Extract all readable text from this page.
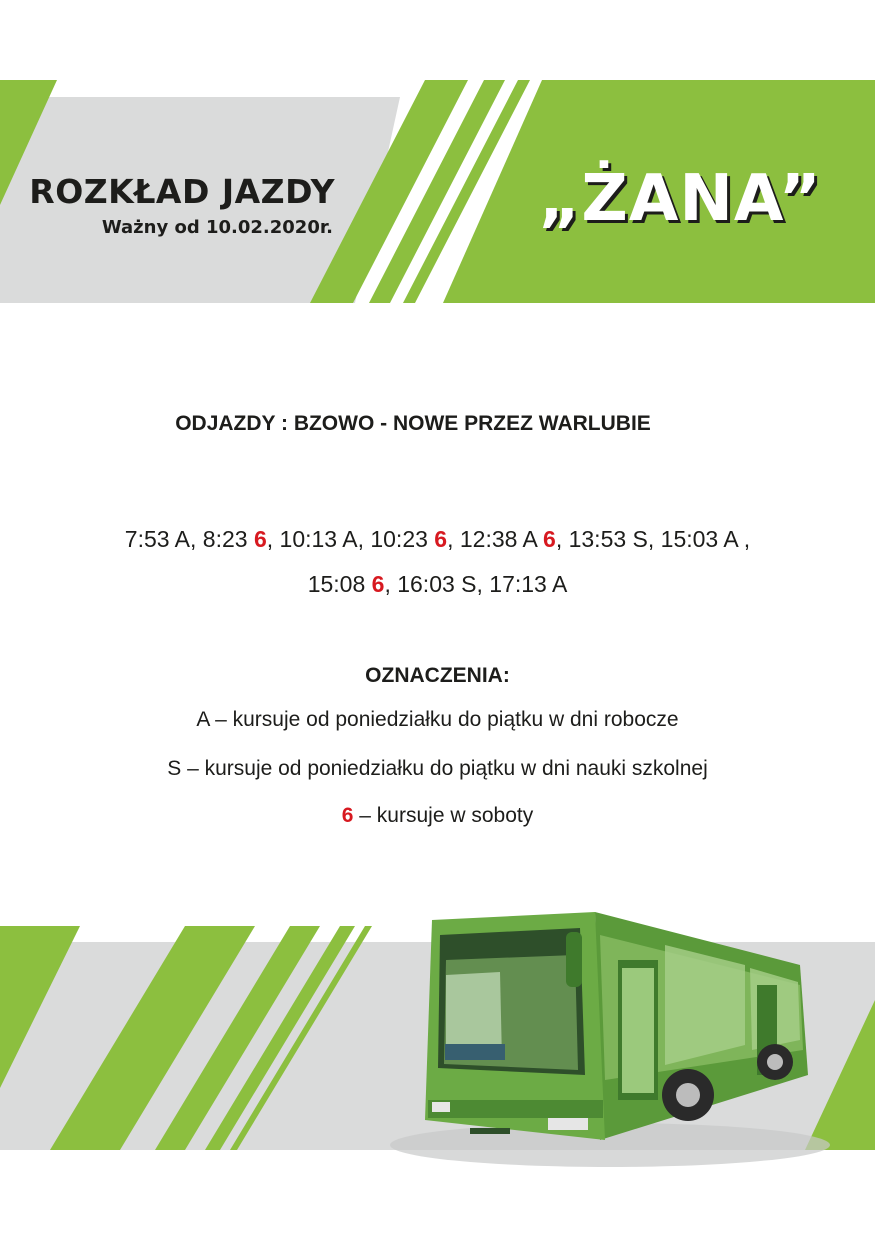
ROZKŁAD JAZDY
Ważny od 10.02.2020r.	„ŻANA”
ODJAZDY : BZOWO - NOWE PRZEZ WARLUBIE
7:53 A, 8:23 6, 10:13 A, 10:23 6, 12:38 A 6, 13:53 S, 15:03 A ,
15:08 6, 16:03 S, 17:13 A
OZNACZENIA:
A – kursuje od poniedziałku do piątku w dni robocze
S – kursuje od poniedziałku do piątku w dni nauki szkolnej
6 – kursuje w soboty
